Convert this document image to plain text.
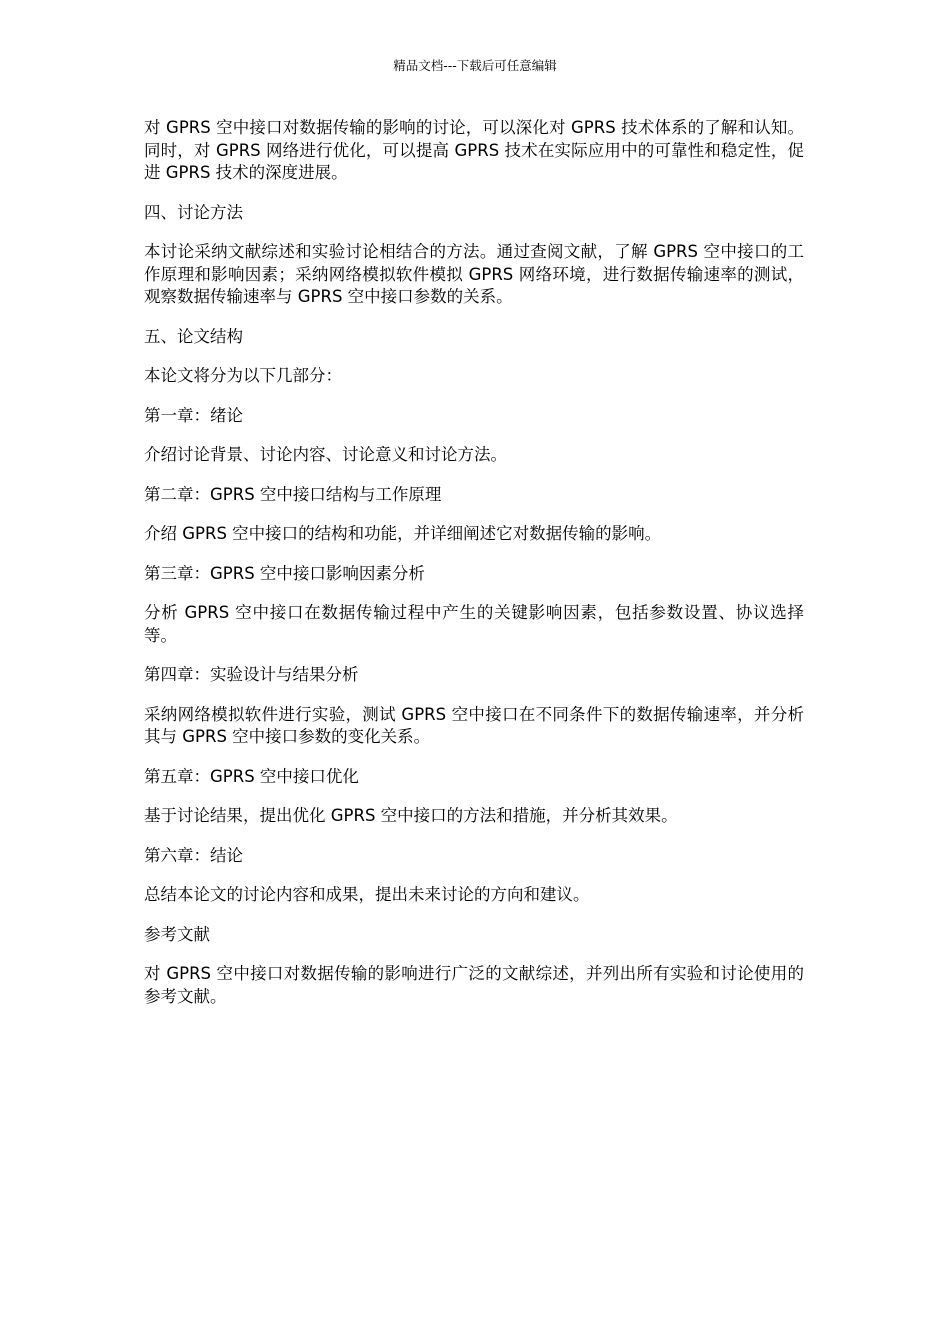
精品文档---下载后可任意编辑

对 GPRS 空中接口对数据传输的影响的讨论，可以深化对 GPRS 技术体系的了解和认知。同时，对 GPRS 网络进行优化，可以提高 GPRS 技术在实际应用中的可靠性和稳定性，促进 GPRS 技术的深度进展。

四、讨论方法

本讨论采纳文献综述和实验讨论相结合的方法。通过查阅文献，了解 GPRS 空中接口的工作原理和影响因素；采纳网络模拟软件模拟 GPRS 网络环境，进行数据传输速率的测试，观察数据传输速率与 GPRS 空中接口参数的关系。

五、论文结构

本论文将分为以下几部分：

第一章：绪论

介绍讨论背景、讨论内容、讨论意义和讨论方法。

第二章：GPRS 空中接口结构与工作原理

介绍 GPRS 空中接口的结构和功能，并详细阐述它对数据传输的影响。

第三章：GPRS 空中接口影响因素分析

分析 GPRS 空中接口在数据传输过程中产生的关键影响因素，包括参数设置、协议选择等。

第四章：实验设计与结果分析

采纳网络模拟软件进行实验，测试 GPRS 空中接口在不同条件下的数据传输速率，并分析其与 GPRS 空中接口参数的变化关系。

第五章：GPRS 空中接口优化

基于讨论结果，提出优化 GPRS 空中接口的方法和措施，并分析其效果。

第六章：结论

总结本论文的讨论内容和成果，提出未来讨论的方向和建议。

参考文献

对 GPRS 空中接口对数据传输的影响进行广泛的文献综述，并列出所有实验和讨论使用的参考文献。
